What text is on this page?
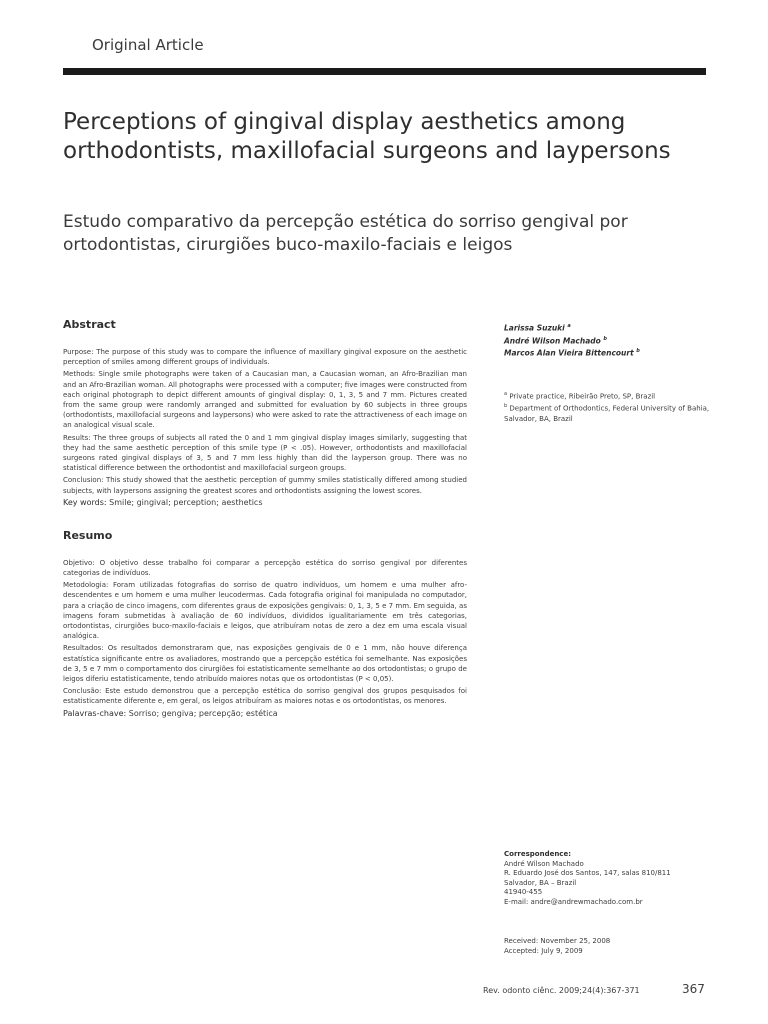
Original Article
Perceptions of gingival display aesthetics among orthodontists, maxillofacial surgeons and laypersons
Estudo comparativo da percepção estética do sorriso gengival por ortodontistas, cirurgiões buco-maxilo-faciais e leigos
Abstract

Purpose: The purpose of this study was to compare the influence of maxillary gingival exposure on the aesthetic perception of smiles among different groups of individuals.

Methods: Single smile photographs were taken of a Caucasian man, a Caucasian woman, an Afro-Brazilian man and an Afro-Brazilian woman. All photographs were processed with a computer; five images were constructed from each original photograph to depict different amounts of gingival display: 0, 1, 3, 5 and 7 mm. Pictures created from the same group were randomly arranged and submitted for evaluation by 60 subjects in three groups (orthodontists, maxillofacial surgeons and laypersons) who were asked to rate the attractiveness of each image on an analogical visual scale.

Results: The three groups of subjects all rated the 0 and 1 mm gingival display images similarly, suggesting that they had the same aesthetic perception of this smile type (P < .05). However, orthodontists and maxillofacial surgeons rated gingival displays of 3, 5 and 7 mm less highly than did the layperson group. There was no statistical difference between the orthodontist and maxillofacial surgeon groups.

Conclusion: This study showed that the aesthetic perception of gummy smiles statistically differed among studied subjects, with laypersons assigning the greatest scores and orthodontists assigning the lowest scores.

Key words: Smile; gingival; perception; aesthetics
Resumo

Objetivo: O objetivo desse trabalho foi comparar a percepção estética do sorriso gengival por diferentes categorias de indivíduos.

Metodologia: Foram utilizadas fotografias do sorriso de quatro indivíduos, um homem e uma mulher afro-descendentes e um homem e uma mulher leucodermas. Cada fotografia original foi manipulada no computador, para a criação de cinco imagens, com diferentes graus de exposições gengivais: 0, 1, 3, 5 e 7 mm. Em seguida, as imagens foram submetidas à avaliação de 60 indivíduos, divididos igualitariamente em três categorias, ortodontistas, cirurgiões buco-maxilo-faciais e leigos, que atribuíram notas de zero a dez em uma escala visual analógica.

Resultados: Os resultados demonstraram que, nas exposições gengivais de 0 e 1 mm, não houve diferença estatística significante entre os avaliadores, mostrando que a percepção estética foi semelhante. Nas exposições de 3, 5 e 7 mm o comportamento dos cirurgiões foi estatisticamente semelhante ao dos ortodontistas; o grupo de leigos diferiu estatisticamente, tendo atribuído maiores notas que os ortodontistas (P < 0,05).

Conclusão: Este estudo demonstrou que a percepção estética do sorriso gengival dos grupos pesquisados foi estatisticamente diferente e, em geral, os leigos atribuíram as maiores notas e os ortodontistas, os menores.

Palavras-chave: Sorriso; gengiva; percepção; estética
Larissa Suzuki $^a$
André Wilson Machado $^b$
Marcos Alan Vieira Bittencourt $^b$
$^a$ Private practice, Ribeirão Preto, SP, Brazil
$^b$ Department of Orthodontics, Federal University of Bahia, Salvador, BA, Brazil
Correspondence:
André Wilson Machado
R. Eduardo José dos Santos, 147, salas 810/811
Salvador, BA – Brazil
41940-455
E-mail: andre@andrewmachado.com.br
Received: November 25, 2008
Accepted: July 9, 2009
Rev. odonto ciênc. 2009;24(4):367-371	367
